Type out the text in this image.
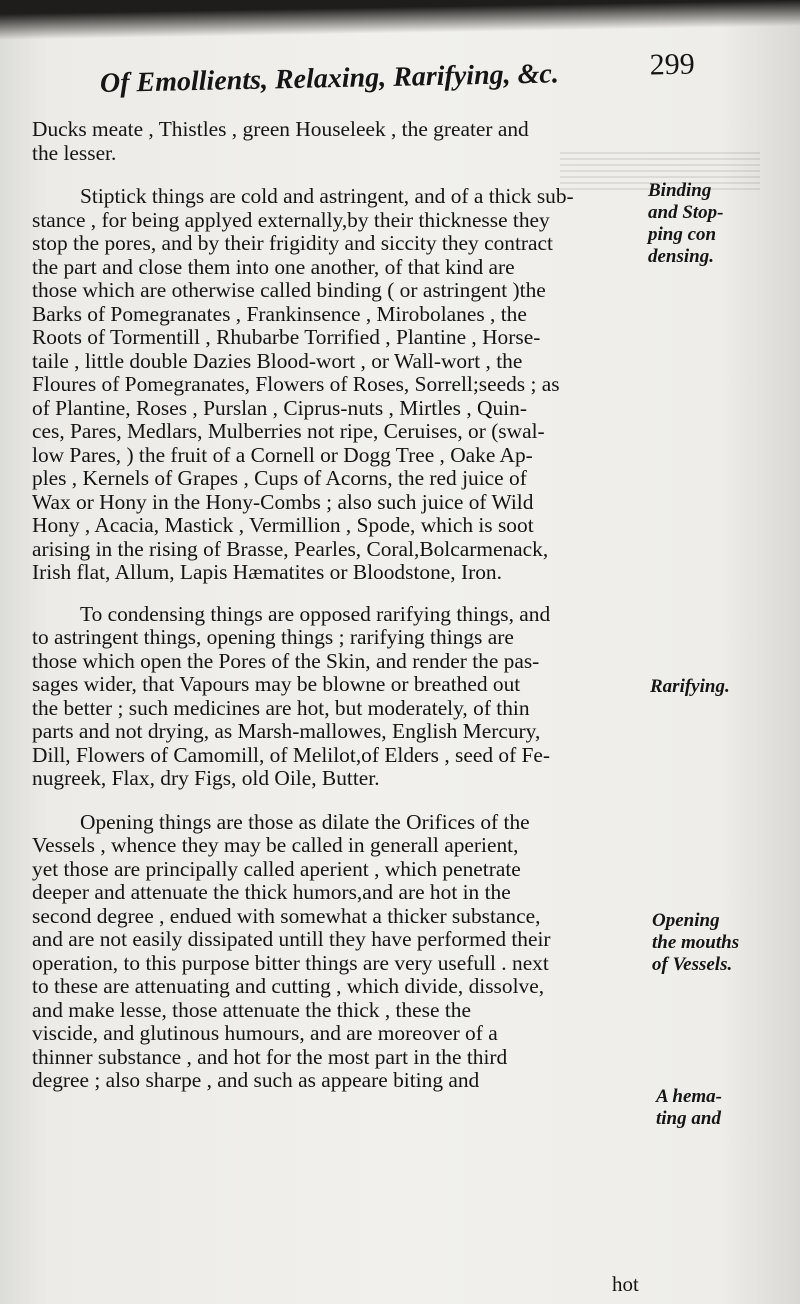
Of Emollients, Relaxing, Rarifying, &c.	299
Ducks meate , Thistles , green Houseleek , the greater and
the lesser.
Stiptick things are cold and astringent, and of a thick sub-
stance , for being applyed externally,by their thicknesse they
stop the pores, and by their frigidity and siccity they contract
the part and close them into one another, of that kind are
those which are otherwise called binding ( or astringent )the
Barks of Pomegranates , Frankinsence , Mirobolanes , the
Roots of Tormentill , Rhubarbe Torrified , Plantine , Horse-
taile , little double Dazies Blood-wort , or Wall-wort , the
Floures of Pomegranates, Flowers of Roses, Sorrell;seeds ; as
of Plantine, Roses , Purslan , Ciprus-nuts , Mirtles , Quin-
ces, Pares, Medlars, Mulberries not ripe, Ceruises, or (swal-
low Pares, ) the fruit of a Cornell or Dogg Tree , Oake Ap-
ples , Kernels of Grapes , Cups of Acorns, the red juice of
Wax or Hony in the Hony-Combs ; also such juice of Wild
Hony , Acacia, Mastick , Vermillion , Spode, which is soot
arising in the rising of Brasse, Pearles, Coral,Bolcarmenack,
Irish flat, Allum, Lapis Hæmatites or Bloodstone, Iron.
To condensing things are opposed rarifying things, and
to astringent things, opening things ; rarifying things are
those which open the Pores of the Skin, and render the pas-
sages wider, that Vapours may be blowne or breathed out
the better ; such medicines are hot, but moderately, of thin
parts and not drying, as Marsh-mallowes, English Mercury,
Dill, Flowers of Camomill, of Melilot,of Elders , seed of Fe-
nugreek, Flax, dry Figs, old Oile, Butter.
Opening things are those as dilate the Orifices of the
Vessels , whence they may be called in generall aperient,
yet those are principally called aperient , which penetrate
deeper and attenuate the thick humors,and are hot in the
second degree , endued with somewhat a thicker substance,
and are not easily dissipated untill they have performed their
operation, to this purpose bitter things are very usefull . next
to these are attenuating and cutting , which divide, dissolve,
and make lesse, those attenuate the thick , these the
viscide, and glutinous humours, and are moreover of a
thinner substance , and hot for the most part in the third
degree ; also sharpe , and such as appeare biting and
Binding
and Stop-
ping con
densing.
Rarifying.
Opening
the mouths
of Vessels.
A hema-
ting and
hot
